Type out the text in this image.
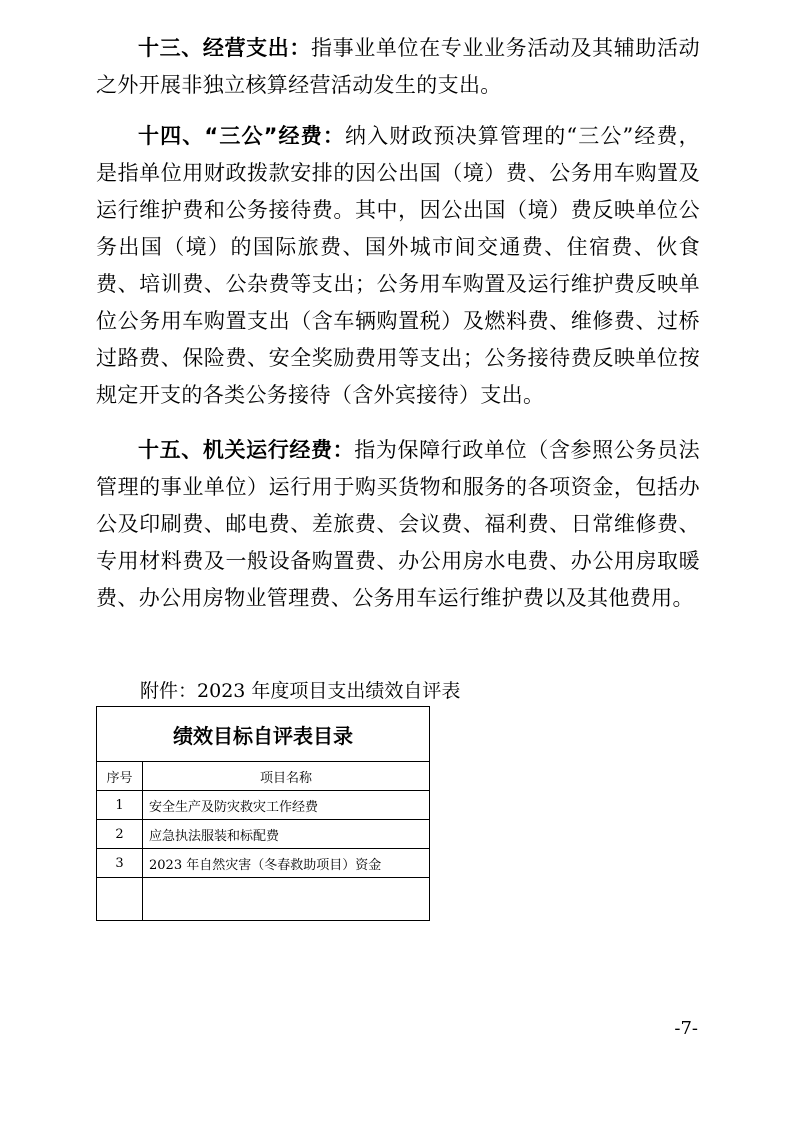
十三、经营支出：指事业单位在专业业务活动及其辅助活动之外开展非独立核算经营活动发生的支出。

十四、“三公”经费：纳入财政预决算管理的“三公”经费，是指单位用财政拨款安排的因公出国（境）费、公务用车购置及运行维护费和公务接待费。其中，因公出国（境）费反映单位公务出国（境）的国际旅费、国外城市间交通费、住宿费、伙食费、培训费、公杂费等支出；公务用车购置及运行维护费反映单位公务用车购置支出（含车辆购置税）及燃料费、维修费、过桥过路费、保险费、安全奖励费用等支出；公务接待费反映单位按规定开支的各类公务接待（含外宾接待）支出。

十五、机关运行经费：指为保障行政单位（含参照公务员法管理的事业单位）运行用于购买货物和服务的各项资金，包括办公及印刷费、邮电费、差旅费、会议费、福利费、日常维修费、专用材料费及一般设备购置费、办公用房水电费、办公用房取暖费、办公用房物业管理费、公务用车运行维护费以及其他费用。

附件：2023 年度项目支出绩效自评表
绩效目标自评表目录	
序号	项目名称
1	安全生产及防灾救灾工作经费
2	应急执法服装和标配费
3	2023 年自然灾害（冬春救助项目）资金

-7-
